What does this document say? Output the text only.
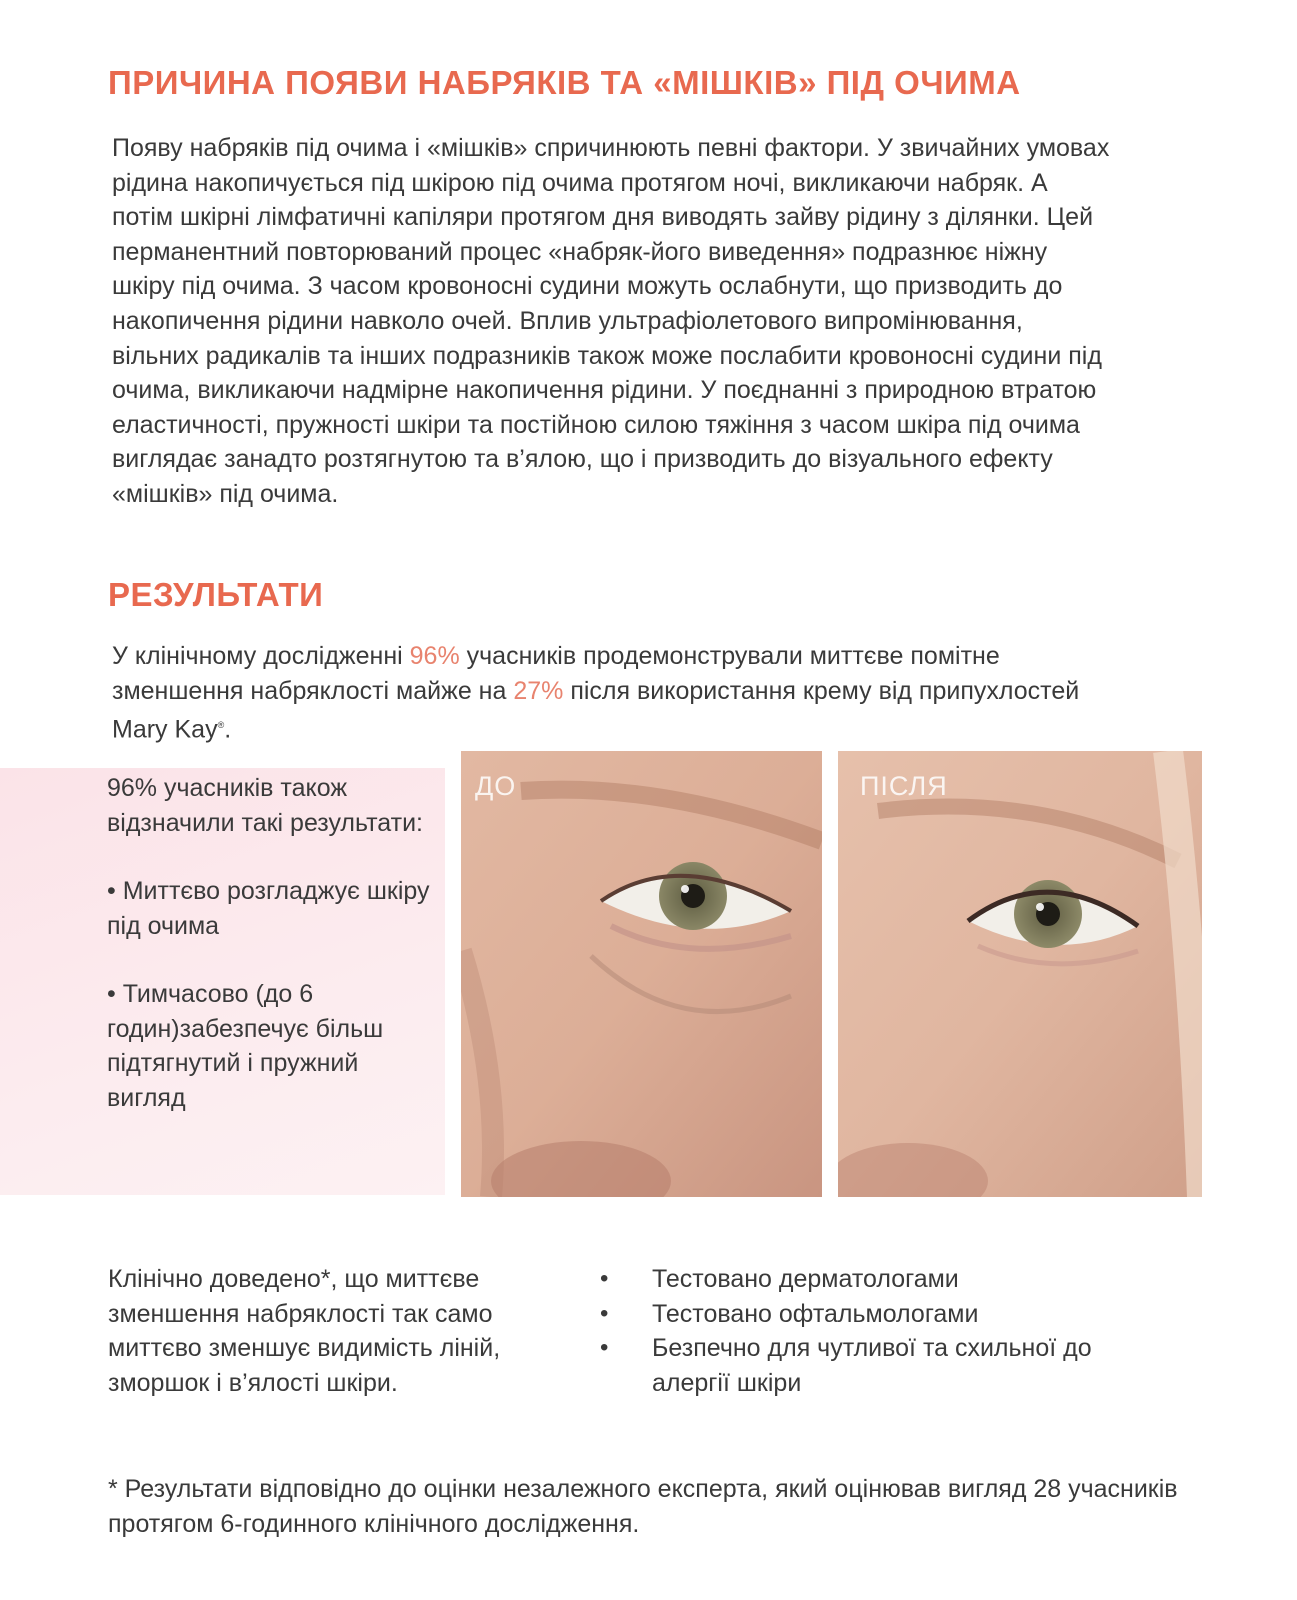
ПРИЧИНА ПОЯВИ НАБРЯКІВ ТА «МІШКІВ» ПІД ОЧИМА

Появу набряків під очима і «мішків» спричинюють певні фактори. У звичайних умовах рідина накопичується під шкірою під очима протягом ночі, викликаючи набряк. А потім шкірні лімфатичні капіляри протягом дня виводять зайву рідину з ділянки. Цей перманентний повторюваний процес «набряк-його виведення» подразнює ніжну шкіру під очима. З часом кровоносні судини можуть ослабнути, що призводить до накопичення рідини навколо очей. Вплив ультрафіолетового випромінювання, вільних радикалів та інших подразників також може послабити кровоносні судини під очима, викликаючи надмірне накопичення рідини. У поєднанні з природною втратою еластичності, пружності шкіри та постійною силою тяжіння з часом шкіра під очима виглядає занадто розтягнутою та в’ялою, що і призводить до візуального ефекту «мішків» під очима.

РЕЗУЛЬТАТИ

У клінічному дослідженні 96% учасників продемонстрували миттєве помітне зменшення набряклості майже на 27% після використання крему від припухлостей Mary Kay®.

96% учасників також відзначили такі результати:

• Миттєво розгладжує шкіру під очима

• Тимчасово (до 6 годин)забезпечує більш підтягнутий і пружний вигляд

ДО	ПІСЛЯ

Клінічно доведено*, що миттєве зменшення набряклості так само миттєво зменшує видимість ліній, зморшок і в’ялості шкіри.

• Тестовано дерматологами
• Тестовано офтальмологами
•	Безпечно для чутливої та схильної до алергії шкіри

* Результати відповідно до оцінки незалежного експерта, який оцінював вигляд 28 учасників протягом 6-годинного клінічного дослідження.
